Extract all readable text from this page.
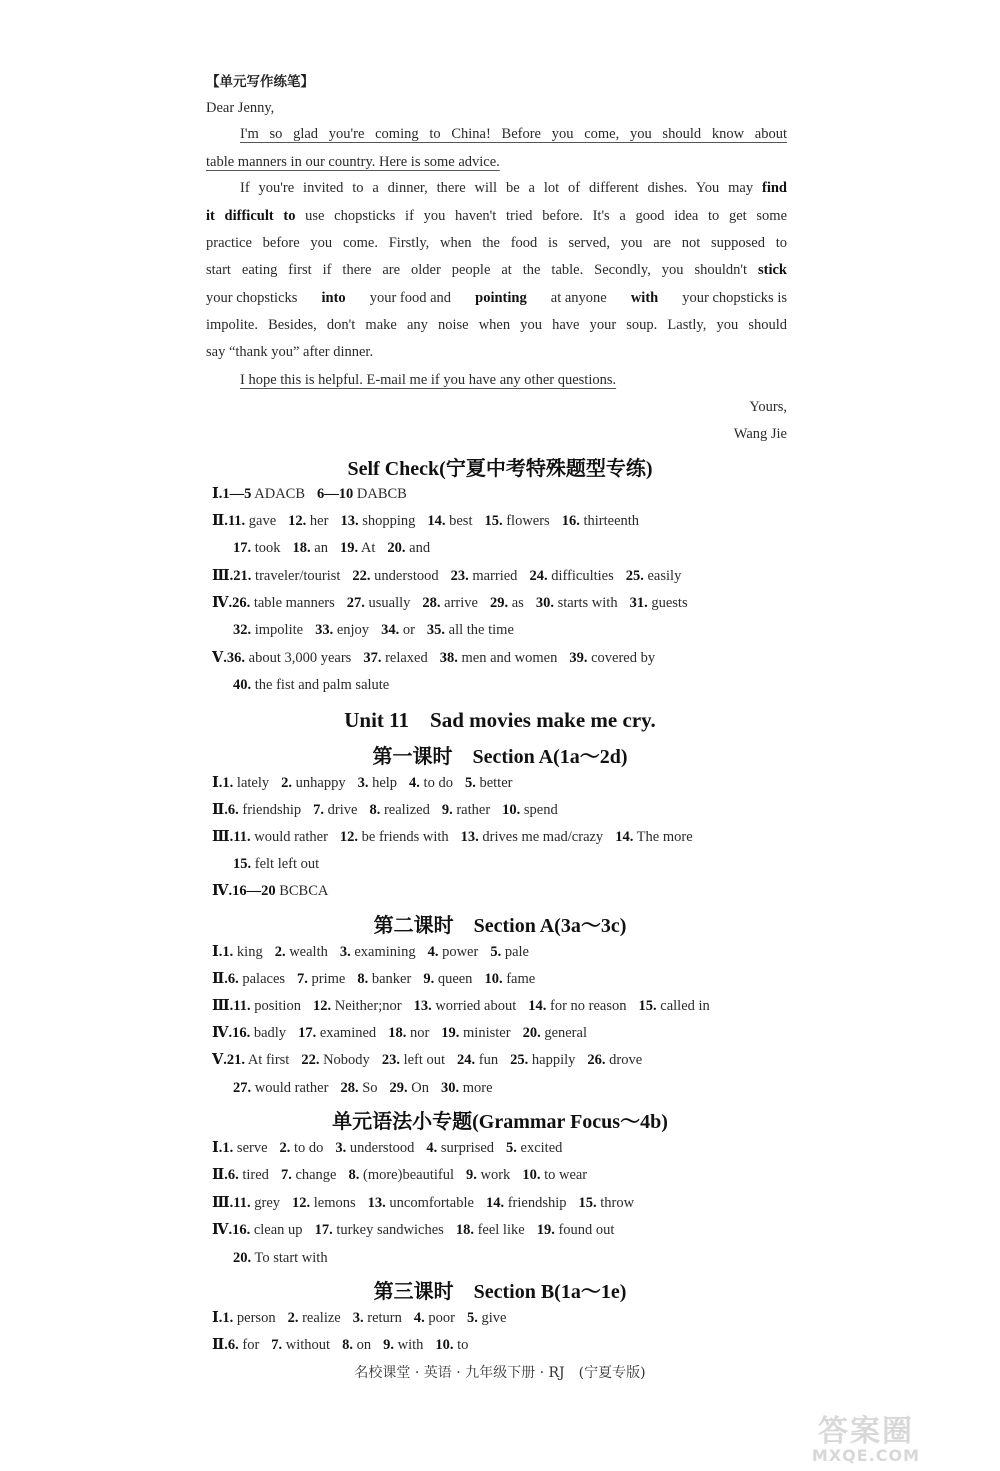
【单元写作练笔】
Dear Jenny,
I'm so glad you're coming to China! Before you come, you should know about
table manners in our country. Here is some advice.
If you're invited to a dinner, there will be a lot of different dishes. You may find
it difficult to use chopsticks if you haven't tried before. It's a good idea to get some
practice before you come. Firstly, when the food is served, you are not supposed to
start eating first if there are older people at the table. Secondly, you shouldn't stick
your chopsticks into your food and pointing at anyone with your chopsticks is
impolite. Besides, don't make any noise when you have your soup. Lastly, you should
say “thank you” after dinner.
I hope this is helpful. E-mail me if you have any other questions.
Yours,
Wang Jie
Self Check(宁夏中考特殊题型专练)
Ⅰ.1—5 ADACB 6—10 DABCB
Ⅱ.11. gave 12. her 13. shopping 14. best 15. flowers 16. thirteenth
17. took 18. an 19. At 20. and
Ⅲ.21. traveler/tourist 22. understood 23. married 24. difficulties 25. easily
Ⅳ.26. table manners 27. usually 28. arrive 29. as 30. starts with 31. guests
32. impolite 33. enjoy 34. or 35. all the time
Ⅴ.36. about 3,000 years 37. relaxed 38. men and women 39. covered by
40. the fist and palm salute
Unit 11　Sad movies make me cry.
第一课时　Section A(1a～2d)
Ⅰ.1. lately 2. unhappy 3. help 4. to do 5. better
Ⅱ.6. friendship 7. drive 8. realized 9. rather 10. spend
Ⅲ.11. would rather 12. be friends with 13. drives me mad/crazy 14. The more
15. felt left out
Ⅳ.16—20 BCBCA
第二课时　Section A(3a～3c)
Ⅰ.1. king 2. wealth 3. examining 4. power 5. pale
Ⅱ.6. palaces 7. prime 8. banker 9. queen 10. fame
Ⅲ.11. position 12. Neither;nor 13. worried about 14. for no reason 15. called in
Ⅳ.16. badly 17. examined 18. nor 19. minister 20. general
Ⅴ.21. At first 22. Nobody 23. left out 24. fun 25. happily 26. drove
27. would rather 28. So 29. On 30. more
单元语法小专题(Grammar Focus～4b)
Ⅰ.1. serve 2. to do 3. understood 4. surprised 5. excited
Ⅱ.6. tired 7. change 8. (more)beautiful 9. work 10. to wear
Ⅲ.11. grey 12. lemons 13. uncomfortable 14. friendship 15. throw
Ⅳ.16. clean up 17. turkey sandwiches 18. feel like 19. found out
20. To start with
第三课时　Section B(1a～1e)
Ⅰ.1. person 2. realize 3. return 4. poor 5. give
Ⅱ.6. for 7. without 8. on 9. with 10. to
名校课堂 · 英语 · 九年级下册 · RJ　(宁夏专版)
答案圈
MXQE.COM
